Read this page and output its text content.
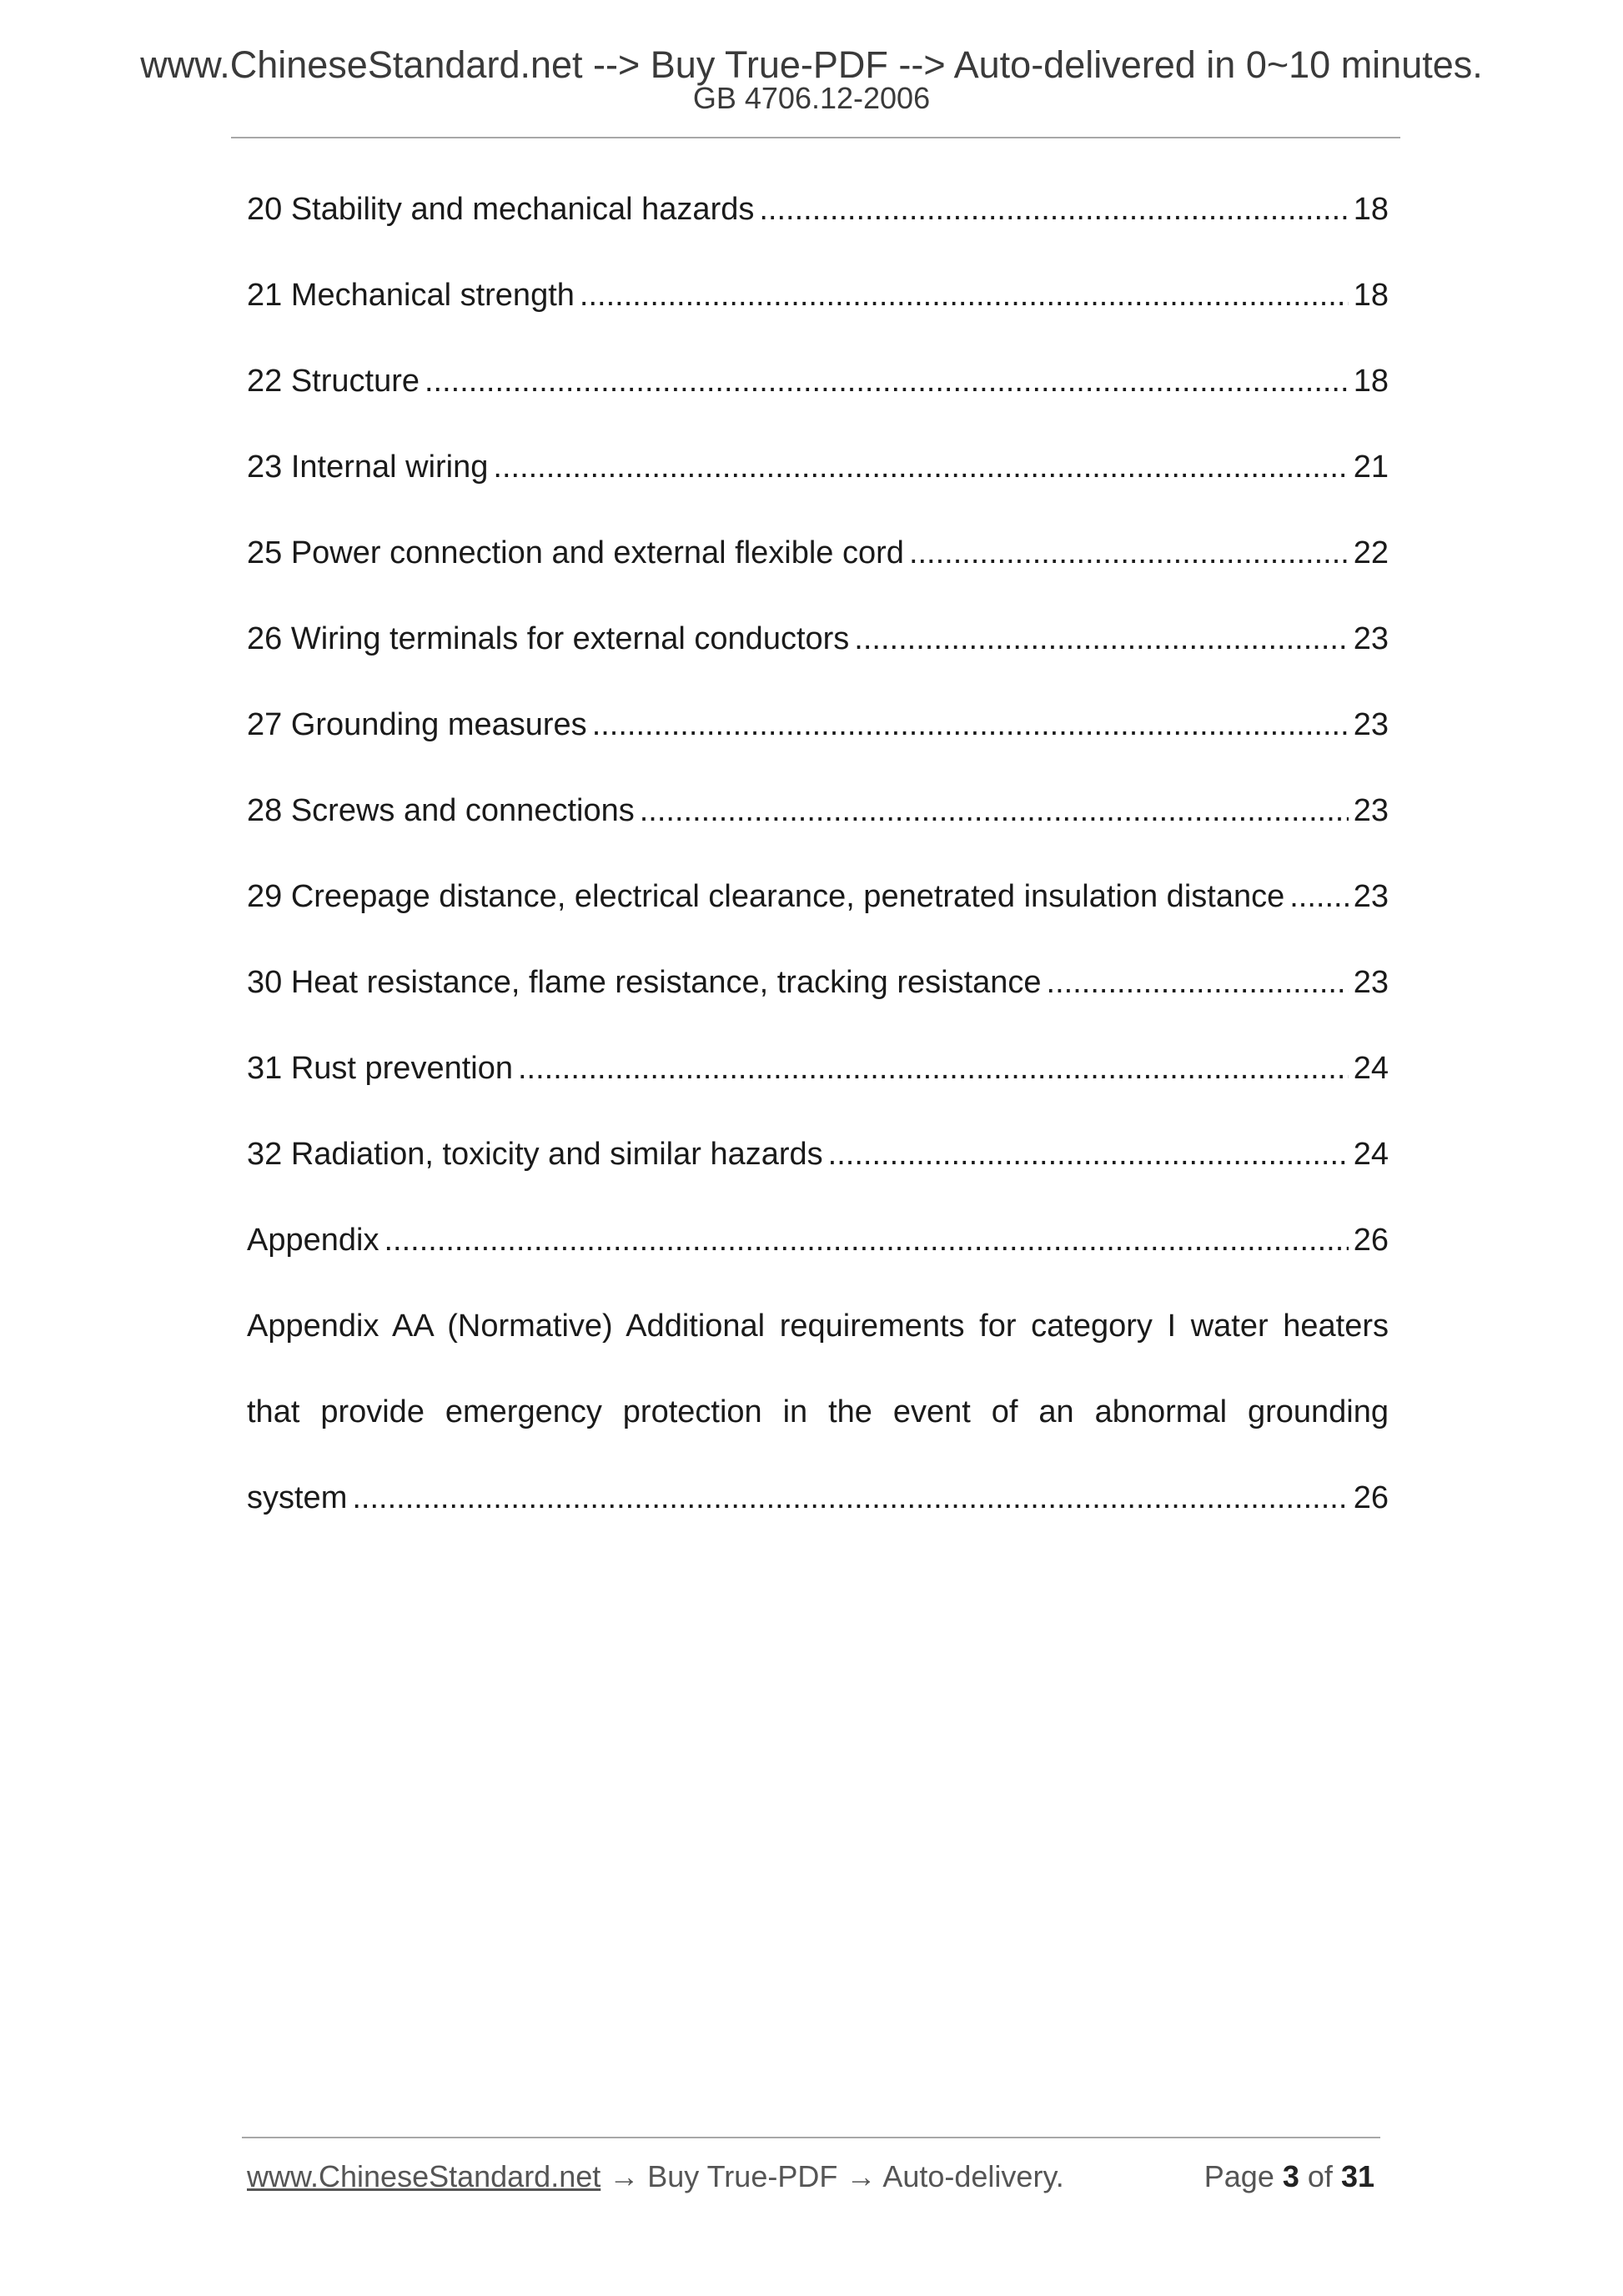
www.ChineseStandard.net --> Buy True-PDF --> Auto-delivered in 0~10 minutes.
GB 4706.12-2006
20 Stability and mechanical hazards .....	18
21 Mechanical strength .....	18
22 Structure .....	18
23 Internal wiring .....	21
25 Power connection and external flexible cord .....	22
26 Wiring terminals for external conductors .....	23
27 Grounding measures .....	23
28 Screws and connections .....	23
29 Creepage distance, electrical clearance, penetrated insulation distance ..... 23
30 Heat resistance, flame resistance, tracking resistance .....	23
31 Rust prevention .....	24
32 Radiation, toxicity and similar hazards .....	24
Appendix .....	26
Appendix AA (Normative) Additional requirements for category I water heaters
that provide emergency protection in the event of an abnormal grounding
system .....	26
www.ChineseStandard.net → Buy True-PDF → Auto-delivery.	Page 3 of 31
